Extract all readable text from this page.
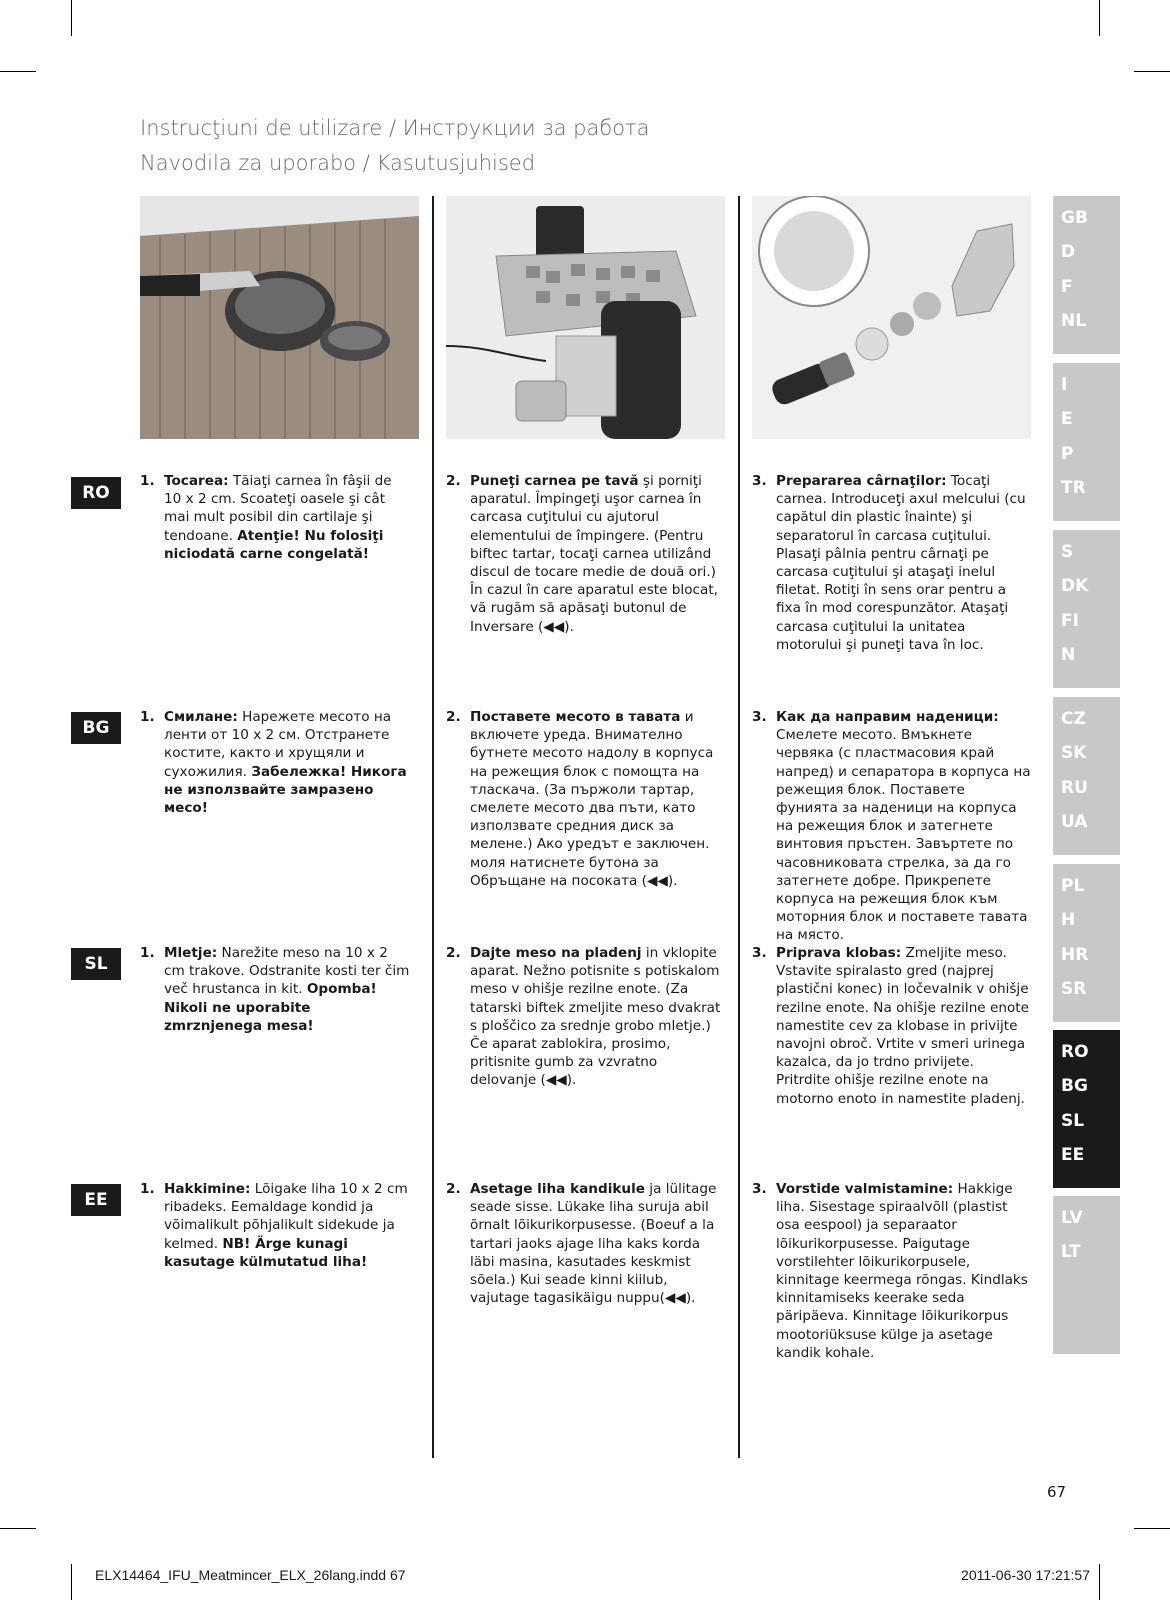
Instrucţiuni de utilizare / Инструкции за работа
Navodila za uporabo / Kasutusjuhised
RO
BG
SL
EE
1. Tocarea: Tăiaţi carnea în fâşii de 10 x 2 cm. Scoateţi oasele şi cât mai mult posibil din cartilaje şi tendoane. Atenţie! Nu folosiţi niciodată carne congelată!
2. Puneţi carnea pe tavă şi porniţi aparatul. Împingeţi uşor carnea în carcasa cuţitului cu ajutorul elementului de împingere. (Pentru biftec tartar, tocaţi carnea utilizând discul de tocare medie de două ori.) În cazul în care aparatul este blocat, vă rugăm să apăsaţi butonul de Inversare (◀◀).
3. Prepararea cârnaţilor: Tocaţi carnea. Introduceţi axul melcului (cu capătul din plastic înainte) şi separatorul în carcasa cuţitului. Plasaţi pâlnia pentru cârnaţi pe carcasa cuţitului şi ataşaţi inelul filetat. Rotiţi în sens orar pentru a fixa în mod corespunzător. Ataşaţi carcasa cuţitului la unitatea motorului şi puneţi tava în loc.
1. Смилане: Нарежете месото на ленти от 10 х 2 см. Отстранете костите, както и хрущяли и сухожилия. Забележка! Никога не използвайте замразено месо!
2. Поставете месото в тавата и включете уреда. Внимателно бутнете месото надолу в корпуса на режещия блок с помощта на тласкача. (За пържоли тартар, смелете месото два пъти, като използвате средния диск за мелене.) Ако уредът е заключен. моля натиснете бутона за Обръщане на посоката (◀◀).
3. Как да направим наденици: Смелете месото. Вмъкнете червяка (с пластмасовия край напред) и сепаратора в корпуса на режещия блок. Поставете фунията за наденици на корпуса на режещия блок и затегнете винтовия пръстен. Завъртете по часовниковата стрелка, за да го затегнете добре. Прикрепете корпуса на режещия блок към моторния блок и поставете тавата на място.
1. Mletje: Narežite meso na 10 x 2 cm trakove. Odstranite kosti ter čim več hrustanca in kit. Opomba! Nikoli ne uporabite zmrznjenega mesa!
2. Dajte meso na pladenj in vklopite aparat. Nežno potisnite s potiskalom meso v ohišje rezilne enote. (Za tatarski biftek zmeljite meso dvakrat s ploščico za srednje grobo mletje.) Če aparat zablokira, prosimo, pritisnite gumb za vzvratno delovanje (◀◀).
3. Priprava klobas: Zmeljite meso. Vstavite spiralasto gred (najprej plastični konec) in ločevalnik v ohišje rezilne enote. Na ohišje rezilne enote namestite cev za klobase in privijte navojni obroč. Vrtite v smeri urinega kazalca, da jo trdno privijete. Pritrdite ohišje rezilne enote na motorno enoto in namestite pladenj.
1. Hakkimine: Lõigake liha 10 x 2 cm ribadeks. Eemaldage kondid ja võimalikult põhjalikult sidekude ja kelmed. NB! Ärge kunagi kasutage külmutatud liha!
2. Asetage liha kandikule ja lülitage seade sisse. Lükake liha suruja abil õrnalt lõikurikorpusesse. (Boeuf a la tartari jaoks ajage liha kaks korda läbi masina, kasutades keskmist sõela.) Kui seade kinni kiilub, vajutage tagasikäigu nuppu(◀◀).
3. Vorstide valmistamine: Hakkige liha. Sisestage spiraalvõll (plastist osa eespool) ja separaator lõikurikorpusesse. Paigutage vorstilehter lõikurikorpusele, kinnitage keermega rõngas. Kindlaks kinnitamiseks keerake seda päripäeva. Kinnitage lõikurikorpus mootoriüksuse külge ja asetage kandik kohale.
GB
D
F
NL
I
E
P
TR
S
DK
FI
N
CZ
SK
RU
UA
PL
H
HR
SR
RO
BG
SL
EE
LV
LT
67
ELX14464_IFU_Meatmincer_ELX_26lang.indd 67	2011-06-30 17:21:57
